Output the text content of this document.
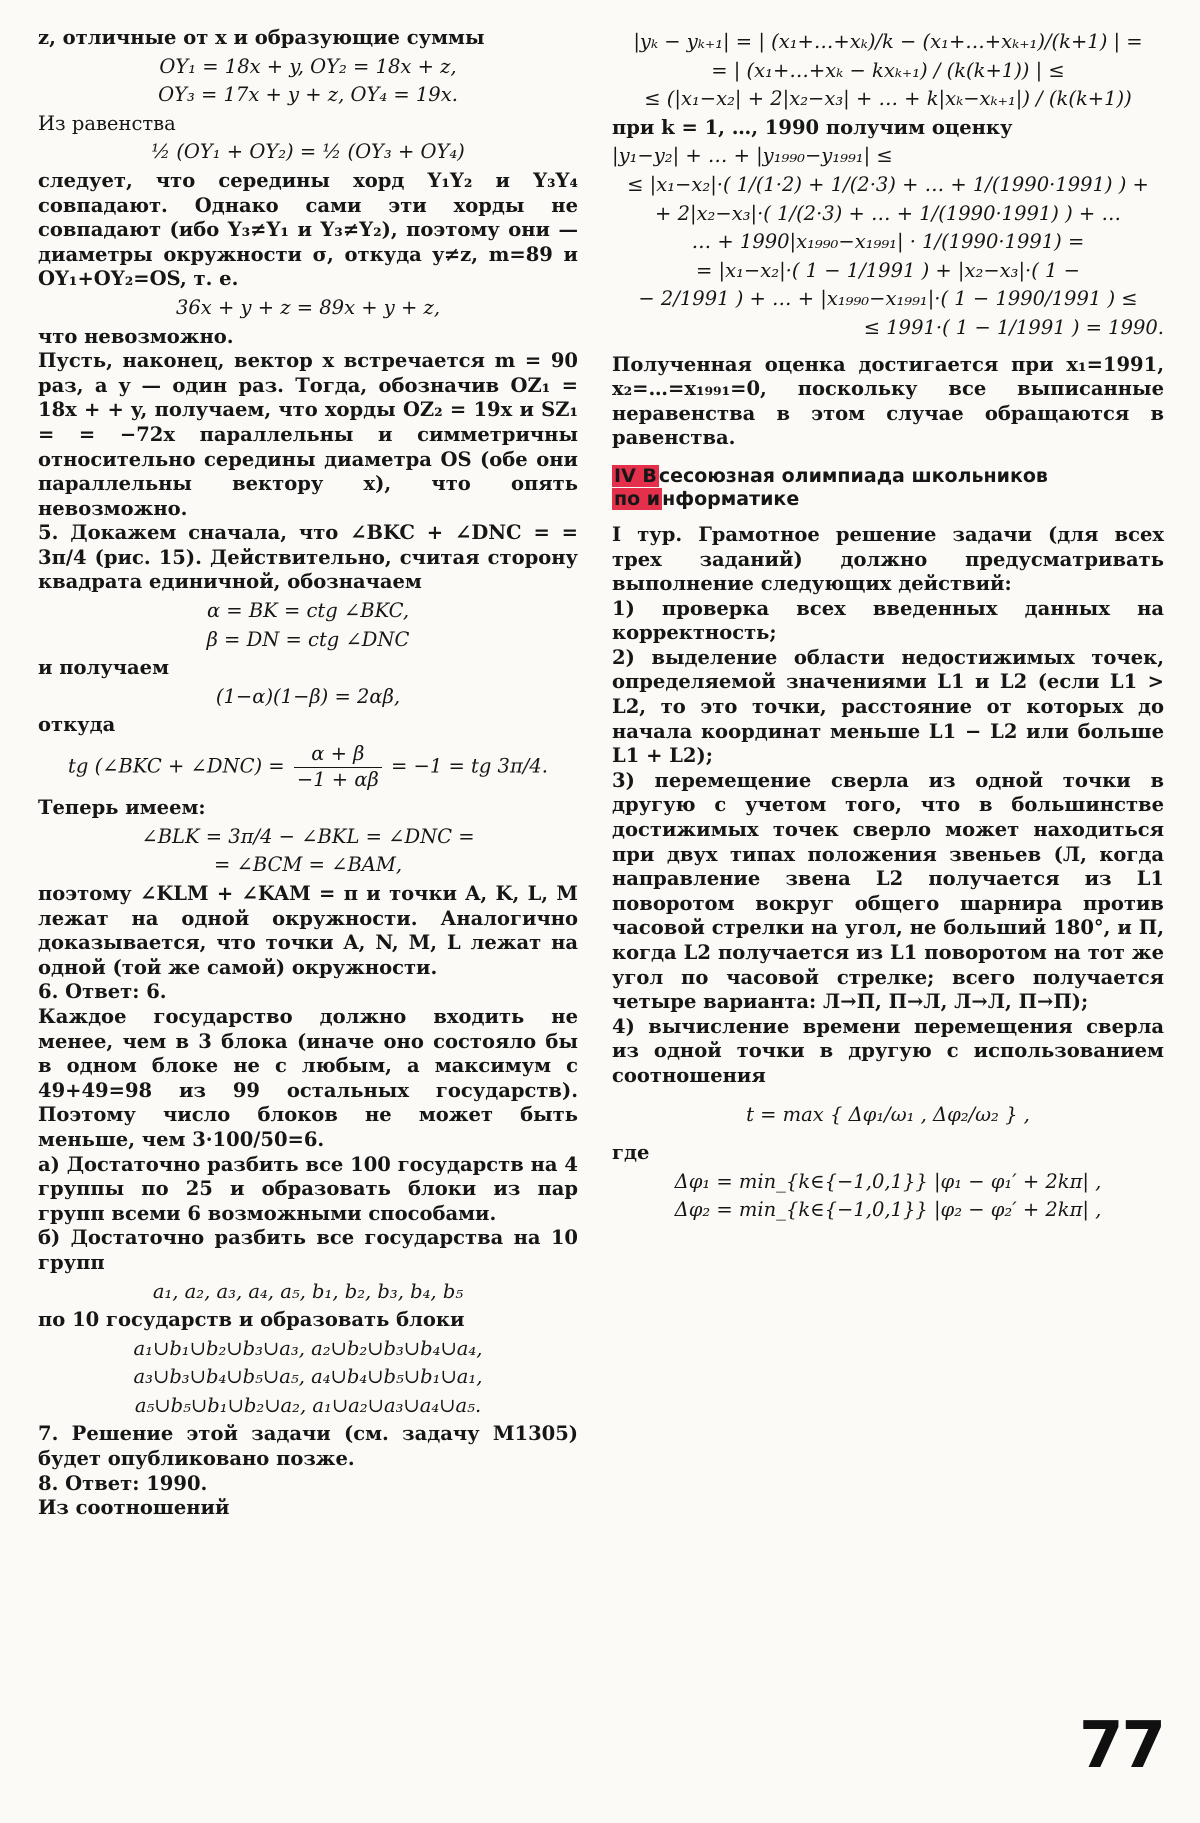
z, отличные от x и образующие суммы

OY₁ = 18x + y, OY₂ = 18x + z,
OY₃ = 17x + y + z, OY₄ = 19x.

Из равенства

½ (OY₁ + OY₂) = ½ (OY₃ + OY₄)

следует, что середины хорд Y₁Y₂ и Y₃Y₄ совпадают. Однако сами эти хорды не совпадают (ибо Y₃≠Y₁ и Y₃≠Y₂), поэтому они — диаметры окружности σ, откуда y≠z, m=89 и OY₁+OY₂=OS, т. е.

36x + y + z = 89x + y + z,

что невозможно.

Пусть, наконец, вектор x встречается m = 90 раз, а y — один раз. Тогда, обозначив OZ₁ = 18x + + y, получаем, что хорды OZ₂ = 19x и SZ₁ = = −72x параллельны и симметричны относительно середины диаметра OS (обе они параллельны вектору x), что опять невозможно.

5. Докажем сначала, что ∠BKC + ∠DNC = = 3π/4 (рис. 15). Действительно, считая сторону квадрата единичной, обозначаем

α = BK = ctg ∠BKC,
β = DN = ctg ∠DNC

и получаем

(1−α)(1−β) = 2αβ,

откуда

tg (∠BKC + ∠DNC) = $\frac{\alpha + \beta}{-1 + \alpha\beta} = -1$ = tg 3π/4.

Теперь имеем:

∠BLK = 3π/4 − ∠BKL = ∠DNC =
= ∠BCM = ∠BAM,

поэтому ∠KLM + ∠KAM = π и точки A, K, L, M лежат на одной окружности. Аналогично доказывается, что точки A, N, M, L лежат на одной (той же самой) окружности.

6. Ответ: 6.

Каждое государство должно входить не менее, чем в 3 блока (иначе оно состояло бы в одном блоке не с любым, а максимум с 49+49=98 из 99 остальных государств). Поэтому число блоков не может быть меньше, чем 3·100/50=6.

а) Достаточно разбить все 100 государств на 4 группы по 25 и образовать блоки из пар групп всеми 6 возможными способами.

б) Достаточно разбить все государства на 10 групп

a₁, a₂, a₃, a₄, a₅, b₁, b₂, b₃, b₄, b₅

по 10 государств и образовать блоки

a₁∪b₁∪b₂∪b₃∪a₃, a₂∪b₂∪b₃∪b₄∪a₄,
a₃∪b₃∪b₄∪b₅∪a₅, a₄∪b₄∪b₅∪b₁∪a₁,
a₅∪b₅∪b₁∪b₂∪a₂, a₁∪a₂∪a₃∪a₄∪a₅.

7. Решение этой задачи (см. задачу М1305) будет опубликовано позже.

8. Ответ: 1990.

Из соотношений

|yₖ − yₖ₊₁| = | (x₁+…+xₖ)/k − (x₁+…+xₖ₊₁)/(k+1) | =
= | (x₁+…+xₖ − kxₖ₊₁) / (k(k+1)) | ≤
≤ (|x₁−x₂| + 2|x₂−x₃| + … + k|xₖ−xₖ₊₁|) / (k(k+1))

при k = 1, …, 1990 получим оценку

|y₁−y₂| + … + |y₁₉₉₀−y₁₉₉₁| ≤
≤ |x₁−x₂|·( 1/(1·2) + 1/(2·3) + … + 1/(1990·1991) ) +
+ 2|x₂−x₃|·( 1/(2·3) + … + 1/(1990·1991) ) + …
… + 1990|x₁₉₉₀−x₁₉₉₁| · 1/(1990·1991) =
= |x₁−x₂|·( 1 − 1/1991 ) + |x₂−x₃|·( 1 −
− 2/1991 ) + … + |x₁₉₉₀−x₁₉₉₁|·( 1 − 1990/1991 ) ≤
≤ 1991·( 1 − 1/1991 ) = 1990.

Полученная оценка достигается при x₁=1991, x₂=…=x₁₉₉₁=0, поскольку все выписанные неравенства в этом случае обращаются в равенства.

IV В сесоюзная олимпиада школьников
по и нформатике

I тур. Грамотное решение задачи (для всех трех заданий) должно предусматривать выполнение следующих действий:

1) проверка всех введенных данных на корректность;

2) выделение области недостижимых точек, определяемой значениями L1 и L2 (если L1 > L2, то это точки, расстояние от которых до начала координат меньше L1 − L2 или больше L1 + L2);

3) перемещение сверла из одной точки в другую с учетом того, что в большинстве достижимых точек сверло может находиться при двух типах положения звеньев (Л, когда направление звена L2 получается из L1 поворотом вокруг общего шарнира против часовой стрелки на угол, не больший 180°, и П, когда L2 получается из L1 поворотом на тот же угол по часовой стрелке; всего получается четыре варианта: Л→П, П→Л, Л→Л, П→П);

4) вычисление времени перемещения сверла из одной точки в другую с использованием соотношения

t = max { Δφ₁/ω₁ , Δφ₂/ω₂ } ,

где

Δφ₁ = min_{k∈{−1,0,1}} |φ₁ − φ₁′ + 2kπ| ,
Δφ₂ = min_{k∈{−1,0,1}} |φ₂ − φ₂′ + 2kπ| ,
77
